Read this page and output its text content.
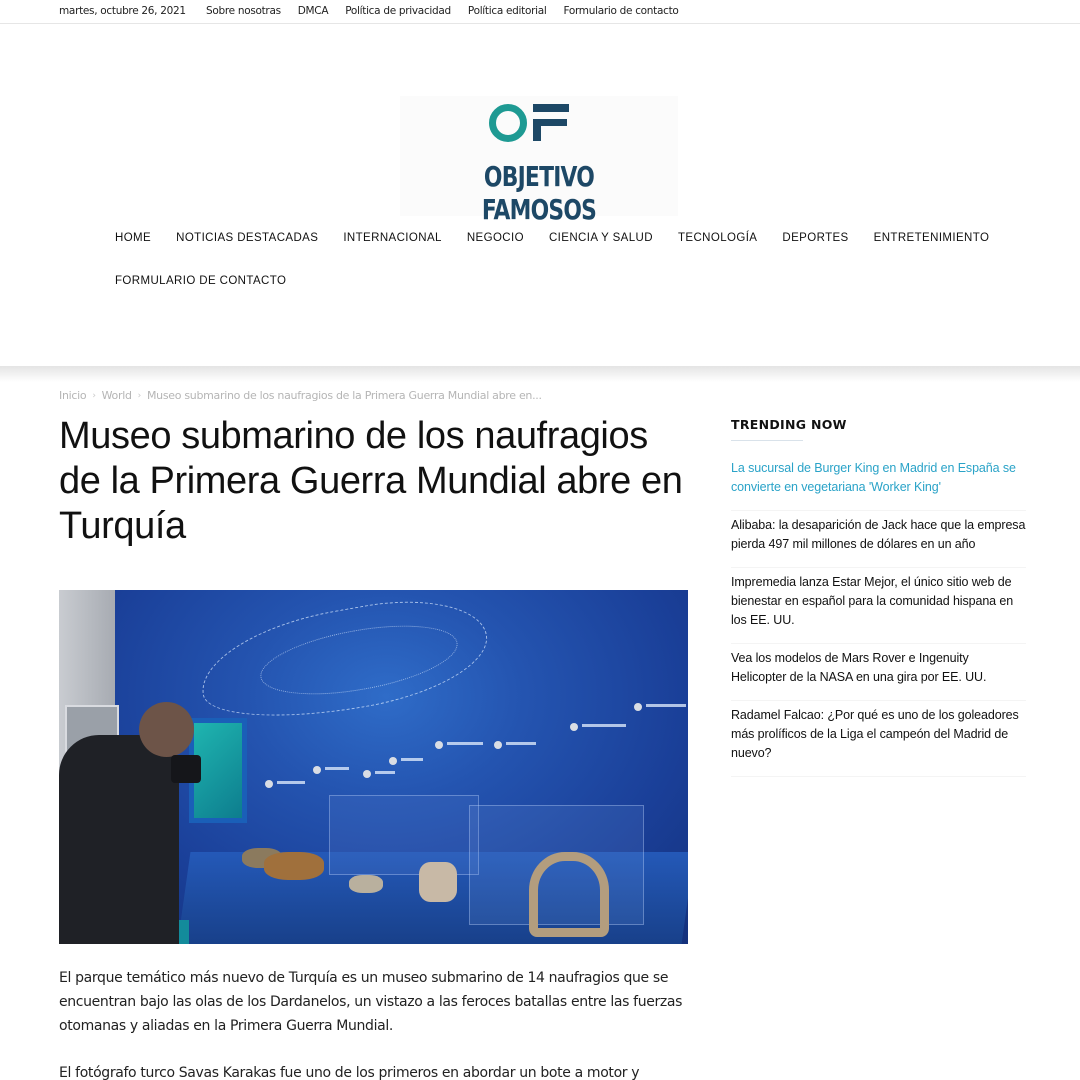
martes, octubre 26, 2021 Sobre nosotras DMCA Política de privacidad Política editorial Formulario de contacto
OBJETIVO FAMOSOS
HOME NOTICIAS DESTACADAS INTERNACIONAL NEGOCIO CIENCIA Y SALUD TECNOLOGÍA DEPORTES ENTRETENIMIENTO
FORMULARIO DE CONTACTO
Inicio › World › Museo submarino de los naufragios de la Primera Guerra Mundial abre en...
Museo submarino de los naufragios de la Primera Guerra Mundial abre en Turquía

El parque temático más nuevo de Turquía es un museo submarino de 14 naufragios que se encuentran bajo las olas de los Dardanelos, un vistazo a las feroces batallas entre las fuerzas otomanas y aliadas en la Primera Guerra Mundial.

El fotógrafo turco Savas Karakas fue uno de los primeros en abordar un bote a motor y

TRENDING NOW
La sucursal de Burger King en Madrid en España se convierte en vegetariana 'Worker King'
Alibaba: la desaparición de Jack hace que la empresa pierda 497 mil millones de dólares en un año
Impremedia lanza Estar Mejor, el único sitio web de bienestar en español para la comunidad hispana en los EE. UU.
Vea los modelos de Mars Rover e Ingenuity Helicopter de la NASA en una gira por EE. UU.
Radamel Falcao: ¿Por qué es uno de los goleadores más prolíficos de la Liga el campeón del Madrid de nuevo?
